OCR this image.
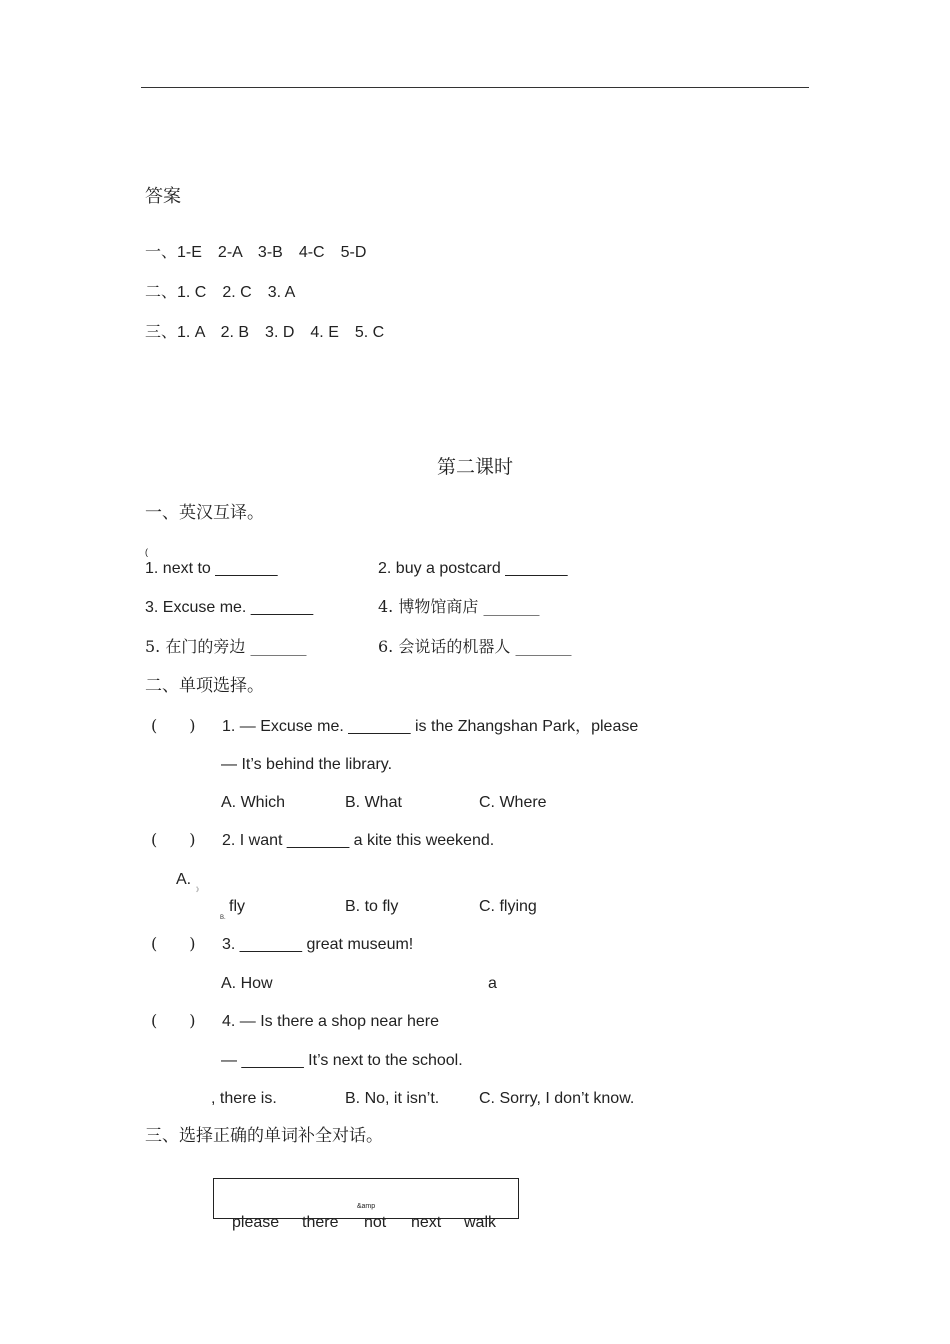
答案
一、1-E　2-A　3-B　4-C　5-D
二、1. C　2. C　3. A
三、1. A　2. B　3. D　4. E　5. C
第二课时
一、英汉互译。
(
1. next to _______	2. buy a postcard _______
3. Excuse me. _______	4. 博物馆商店 _______
5. 在门的旁边 _______	6. 会说话的机器人 _______
二、单项选择。
(　　) 1. — Excuse me. _______ is the Zhangshan Park，please
— It’s behind the library.
A. Which	B. What	C. Where
(　　) 2. I want _______ a kite this weekend.
A.
》
fly
B.
B. to fly	C. flying
(　　) 3. _______ great museum!
A. How	a
(　　) 4. — Is there a shop near here
— _______ It’s next to the school.
, there is.	B. No, it isn’t. C. Sorry, I don’t know.
三、选择正确的单词补全对话。
&amp
please there not next walk
